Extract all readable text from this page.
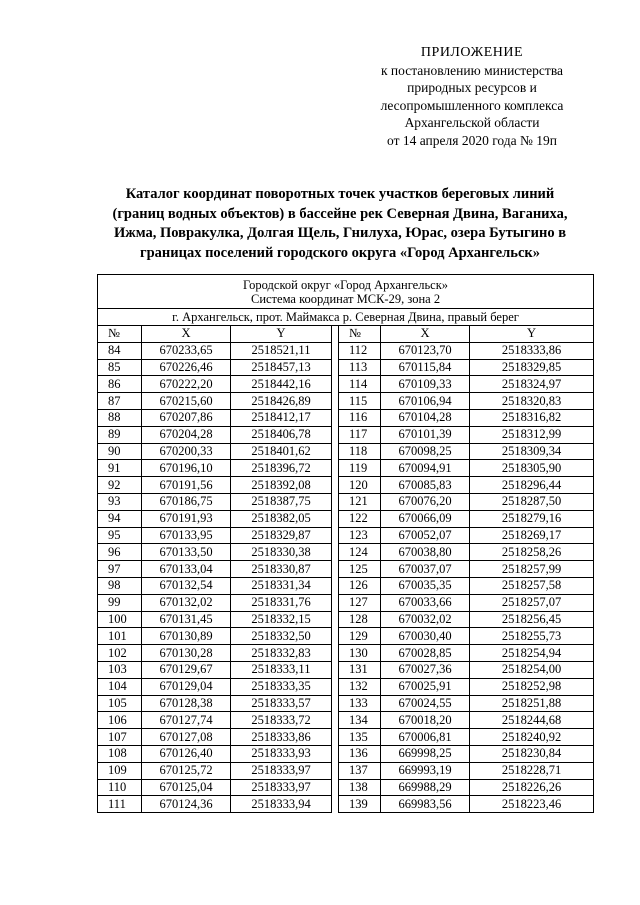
ПРИЛОЖЕНИЕ
к постановлению министерства
природных ресурсов и
лесопромышленного комплекса
Архангельской области
от 14 апреля 2020 года № 19п
Каталог координат поворотных точек участков береговых линий
(границ водных объектов) в бассейне рек Северная Двина, Ваганиха,
Ижма, Повракулка, Долгая Щель, Гнилуха, Юрас, озера Бутыгино в
границах поселений городского округа «Город Архангельск»
Городской округ «Город Архангельск»
Система координат МСК-29, зона 2						

г. Архангельск, прот. Маймакса р. Северная Двина, правый берег						
№	X	Y		№	X	Y
84	670233,65	2518521,11		112	670123,70	2518333,86
85	670226,46	2518457,13		113	670115,84	2518329,85
86	670222,20	2518442,16		114	670109,33	2518324,97
87	670215,60	2518426,89		115	670106,94	2518320,83
88	670207,86	2518412,17		116	670104,28	2518316,82
89	670204,28	2518406,78		117	670101,39	2518312,99
90	670200,33	2518401,62		118	670098,25	2518309,34
91	670196,10	2518396,72		119	670094,91	2518305,90
92	670191,56	2518392,08		120	670085,83	2518296,44
93	670186,75	2518387,75		121	670076,20	2518287,50
94	670191,93	2518382,05		122	670066,09	2518279,16
95	670133,95	2518329,87		123	670052,07	2518269,17
96	670133,50	2518330,38		124	670038,80	2518258,26
97	670133,04	2518330,87		125	670037,07	2518257,99
98	670132,54	2518331,34		126	670035,35	2518257,58
99	670132,02	2518331,76		127	670033,66	2518257,07
100	670131,45	2518332,15		128	670032,02	2518256,45
101	670130,89	2518332,50		129	670030,40	2518255,73
102	670130,28	2518332,83		130	670028,85	2518254,94
103	670129,67	2518333,11		131	670027,36	2518254,00
104	670129,04	2518333,35		132	670025,91	2518252,98
105	670128,38	2518333,57		133	670024,55	2518251,88
106	670127,74	2518333,72		134	670018,20	2518244,68
107	670127,08	2518333,86		135	670006,81	2518240,92
108	670126,40	2518333,93		136	669998,25	2518230,84
109	670125,72	2518333,97		137	669993,19	2518228,71
110	670125,04	2518333,97		138	669988,29	2518226,26
111	670124,36	2518333,94		139	669983,56	2518223,46
